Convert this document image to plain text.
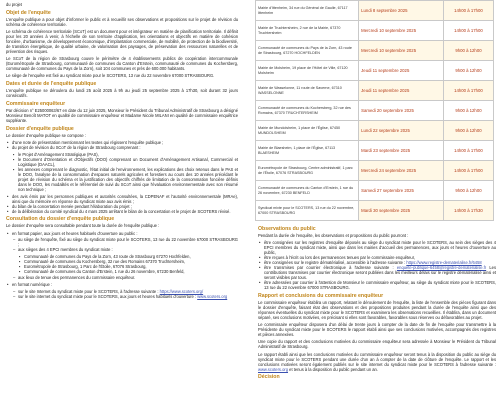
du projet

Objet de l'enquête

L'enquête publique a pour objet d'informer le public et à recueillir ses observations et propositions sur le projet de révision du schéma de cohérence territoriale.

Le schéma de cohérence territoriale (SCoT) est un document pour et intégrateur en matière de planification territoriale. Il définit pour les 20 années à venir, à l'échelle de son territoire d'application, les orientations et objectifs en matière de cohésion foncière, d'urbanisme, de développement économique, d'implantation commerciale, de mobilité, de protection de la biodiversité, de transition énergétique, de qualité urbaine, de valorisation des paysages, de préservation des ressources naturelles et de prévention des risques.

Le SCoT de la région de Strasbourg couvre le périmètre de 4 établissements publics de coopération intercommunale (Eurométropole de Strasbourg, communauté de communes du Canton d'Erstein, communauté de communes du Kochersberg, communauté de communes du Pays de la Zorn), soit 104 communes et près de 600.000 habitants.

Le siège de l'enquête est fixé au syndicat mixte pour le SCOTERS, 13 rue du 22 novembre 67000 STRASBOURG.

Dates et durée de l'enquête publique

L'enquête publique se déroulera du lundi 25 août 2025 à 9h au jeudi 25 septembre 2025 à 17h30, soit durant 32 jours consécutifs.

Commissaire enquêteur

Par décision n° E25000063/67 en date du 12 juin 2025, Monsieur le Président du Tribunal Administratif de Strasbourg a désigné Monsieur Benoît MATOT en qualité de commissaire enquêteur et Madame Nicole MILANI en qualité de commissaire enquêtrice suppléante.

Dossier d'enquête publique

Le dossier d'enquête publique se compose :

• d'une note de présentation mentionnant les textes qui régissent l'enquête publique ;
• du projet de révision du SCoT de la région de Strasbourg comprenant :
▪ le Projet d'Aménagement Stratégique (PAS),
▪ le Document d'Orientation et d'Objectifs (DOO) comprenant un Document d'Aménagement Artisanal, Commercial et Logistique (DAACL),
▪ les annexes comprenant le diagnostic, l'état initial de l'environnement, les explications des choix retenus dans le PAS et le DOO, l'analyse de la consommation d'espaces naturels agricoles et forestiers au cours des 10 années précédant le projet de révision du schéma et la justification des objectifs chiffrés de limitation de la consommation foncière définis dans le DOO, les modalités et le référentiel de suivi du SCoT ainsi que l'évaluation environnementale avec son résumé non technique ;
• des avis émis par les personnes publiques et autorités consultées, la CDPENAF et l'autorité environnementale (MRAe), ainsi que du mémoire en réponse du syndicat mixte aux avis émis ;
• du bilan de la concertation menée pendant l'élaboration du projet ;
• de la délibération du comité syndical du 4 mars 2025 arrêtant le bilan de la concertation et le projet de SCOTERS révisé.
Consultation du dossier d'enquête publique

Le dossier d'enquête sera consultable pendant toute la durée de l'enquête publique :

• en format papier, aux jours et heures habituels d'ouverture au public :
– au siège de l'enquête, fixé au siège du syndicat mixte pour le SCOTERS, 13 rue du 22 novembre 67000 STRASBOURG ;
– aux sièges des 4 EPCI membres du syndicat mixte :
▪ Communauté de communes du Pays de la Zorn, 43 route de Strasbourg 67270 Hochfelden,
▪ Communauté de communes du Kochersberg, 32 rue des Romains 67370 Truchtersheim,
▪ Eurométropole de Strasbourg, 1 Parc de l'Étoile, 67076 Strasbourg,
▪ Communauté de communes du Canton d'Erstein, 1 rue du 26 novembre, 67230 Benfeld,
– aux lieux de tenue des permanences du commissaire enquêteur.
• en format numérique :
– sur le site Internet du syndicat mixte pour le SCOTERS, à l'adresse suivante : https://www.scoters.org/
– sur le site internet du syndicat mixte pour le SCOTERS, aux jours et heures habituels d'ouverture : www.scoters.org
Mairie d'Ittenheim, 34 rue du Général de Gaulle, 67117 Ittenheim	Lundi 8 septembre 2025	14h00 à 17h00
Mairie de Truchtersheim, 2 rue de la Mairie, 67370 Truchtersheim	Mercredi 10 septembre 2025	14h00 à 17h00
Communauté de communes du Pays de la Zorn, 43 route de Strasbourg, 67270 HOCHFELDEN	Mercredi 10 septembre 2025	9h00 à 12h00
Mairie de Molsheim, 19 place de l'Hôtel de Ville, 67120 Molsheim	Jeudi 11 septembre 2025	9h00 à 12h00
Mairie de Wasselonne, 11 route de Saverne, 67310 WASSELONNE	Jeudi 11 septembre 2025	14h00 à 17h00
Communauté de communes du Kochersberg, 32 rue des Romains, 67370 TRUCHTERSHEIM	Samedi 20 septembre 2025	9h00 à 12h00
Mairie de Mundolsheim, 1 place de l'Église, 67450 MUNDOLSHEIM	Lundi 22 septembre 2025	9h00 à 12h00
Mairie de Blaesheim, 1 place de l'Église, 67113 BLAESHEIM	Mardi 23 septembre 2025	14h00 à 17h00
Eurométropole de Strasbourg, Centre administratif, 1 parc de l'Étoile, 67076 STRASBOURG	Mercredi 24 septembre 2025	14h00 à 17h00
Communauté de communes du Canton d'Erstein, 1 rue du 26 novembre, 67230 BENFELD	Samedi 27 septembre 2025	9h00 à 12h00
Syndicat mixte pour le SCOTERS, 13 rue du 22 novembre, 67000 STRASBOURG	Mardi 30 septembre 2025	14h00 à 17h30
Observations du public

Pendant la durée de l'enquête, les observations et propositions du public pourront :

• être consignées sur les registres d'enquête déposés au siège du syndicat mixte pour le SCOTERS, au sein des sièges des 4 EPCI membres du syndicat mixte, ainsi que dans les mairies d'accueil des permanences, aux jours et heures d'ouverture au public,
• être reçues à l'écrit ou lors des permanences tenues par le commissaire enquêteur,
• être consignées sur le registre dématérialisé, accessible à l'adresse suivante : https://www.registre-dematerialise.fr/6458
• être transmises par courrier électronique à l'adresse suivante : enquete-publique-6458@registre-dematerialise.fr Les contributions transmises par courrier électronique seront publiées dans les meilleurs délais sur le registre dématérialisé ainsi et seront visibles par tous.
• être adressées par courrier à l'attention de Monsieur le commissaire enquêteur, au siège du syndicat mixte pour le SCOTERS, 13 rue du 22 novembre 67000 STRASBOURG.
Rapport et conclusions du commissaire enquêteur

Le commissaire enquêteur établira un rapport, relatant le déroulement de l'enquête, la liste de l'ensemble des pièces figurant dans le dossier d'enquête, faisant état des observations et des propositions produites pendant la durée de l'enquête ainsi que des réponses éventuelles du syndicat mixte pour le SCOTERS et examinera les observations recueillies. Il établira, dans un document séparé, ses conclusions motivées, en précisant si elles sont favorables, favorables sous réserves ou défavorables au projet.

Le commissaire enquêteur disposera d'un délai de trente jours à compter de la date de fin de l'enquête pour transmettre à la Présidente du syndicat mixte pour le SCOTERS le rapport établi ainsi que ses conclusions motivées, accompagnés des registres et pièces annexées.

Une copie du rapport et des conclusions motivées du commissaire enquêteur sera adressée à Monsieur le Président du Tribunal Administratif de Strasbourg.

Le rapport établi ainsi que les conclusions motivées du commissaire enquêteur seront tenus à la disposition du public au siège du syndicat mixte pour le SCOTERS pendant une durée d'un an à compter de la date de clôture de l'enquête. Le rapport et les conclusions motivées seront également publiés sur le site internet du syndicat mixte pour le SCOTERS à l'adresse suivante : www.scoters.org et tenus à la disposition du public pendant un an.

Décision
